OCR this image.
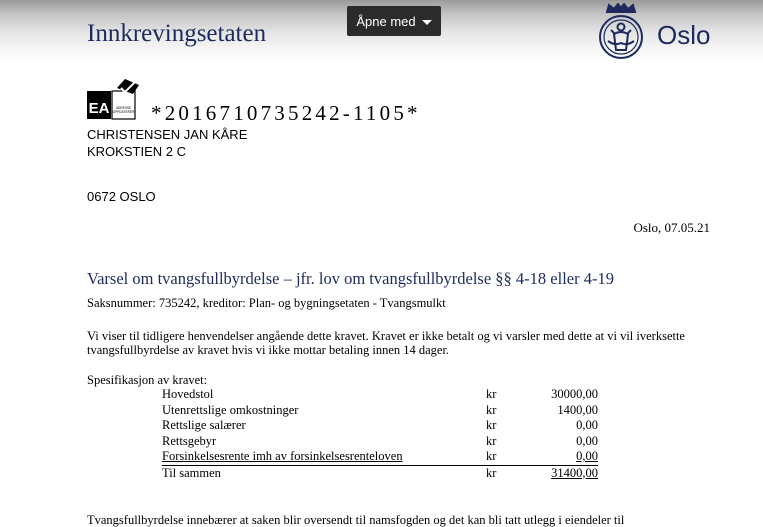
Innkrevingsetaten	Åpne med	Oslo
EA ADRESSE
OPPDATERER *2016710735242-1105*
CHRISTENSEN JAN KÅRE
KROKSTIEN 2 C
0672 OSLO
Oslo, 07.05.21
Varsel om tvangsfullbyrdelse – jfr. lov om tvangsfullbyrdelse §§ 4-18 eller 4-19
Saksnummer: 735242, kreditor: Plan- og bygningsetaten - Tvangsmulkt
Vi viser til tidligere henvendelser angående dette kravet. Kravet er ikke betalt og vi varsler med dette at vi vil iverksette tvangsfullbyrdelse av kravet hvis vi ikke mottar betaling innen 14 dager.
Spesifikasjon av kravet:
Hovedstol	kr	30000,00
Utenrettslige omkostninger	kr	1400,00
Rettslige salærer	kr	0,00
Rettsgebyr	kr	0,00
Forsinkelsesrente imh av forsinkelsesrenteloven	kr	0,00
Til sammen	kr	31400,00
Tvangsfullbyrdelse innebærer at saken blir oversendt til namsfogden og det kan bli tatt utlegg i eiendeler til
